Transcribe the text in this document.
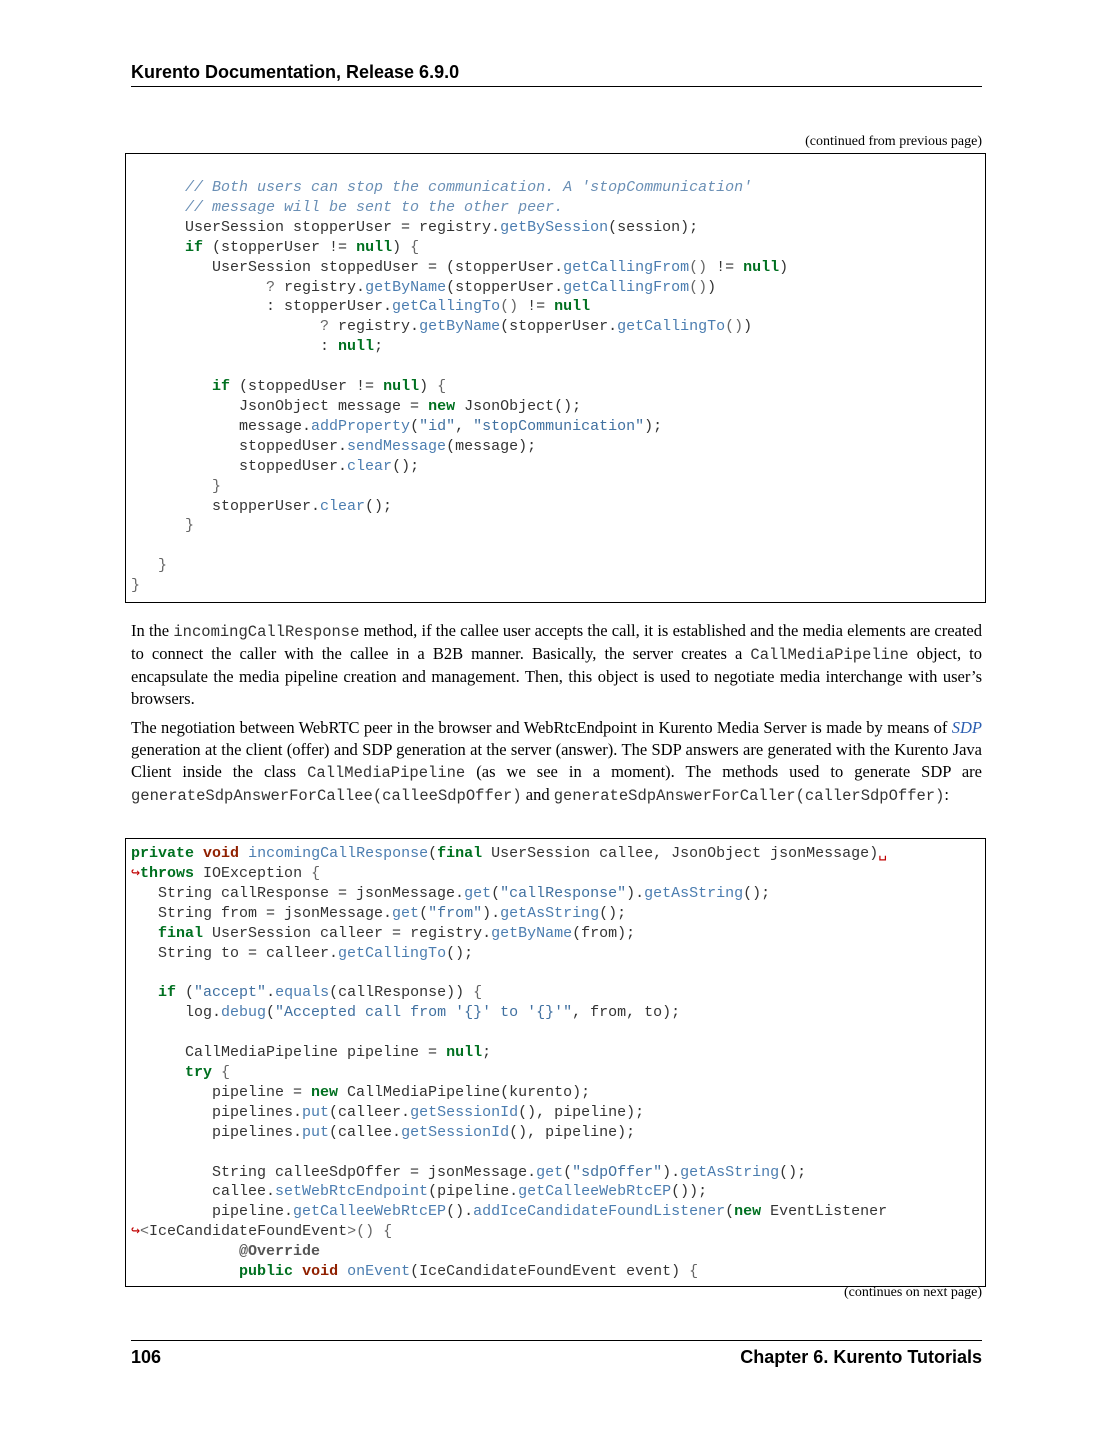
Kurento Documentation, Release 6.9.0
(continued from previous page)
// Both users can stop the communication. A 'stopCommunication'
// message will be sent to the other peer.
UserSession stopperUser = registry.getBySession(session);
if (stopperUser != null) {
UserSession stoppedUser = (stopperUser.getCallingFrom() != null)
? registry.getByName(stopperUser.getCallingFrom())
: stopperUser.getCallingTo() != null
? registry.getByName(stopperUser.getCallingTo())
: null;

if (stoppedUser != null) {
JsonObject message = new JsonObject();
message.addProperty("id", "stopCommunication");
stoppedUser.sendMessage(message);
stoppedUser.clear();
}
stopperUser.clear();
}

}
}

In the incomingCallResponse method, if the callee user accepts the call, it is established and the media elements are created to connect the caller with the callee in a B2B manner. Basically, the server creates a CallMediaPipeline object, to encapsulate the media pipeline creation and management. Then, this object is used to negotiate media interchange with user’s browsers.

The negotiation between WebRTC peer in the browser and WebRtcEndpoint in Kurento Media Server is made by means of SDP generation at the client (offer) and SDP generation at the server (answer). The SDP answers are generated with the Kurento Java Client inside the class CallMediaPipeline (as we see in a moment). The methods used to generate SDP are generateSdpAnswerForCallee(calleeSdpOffer) and generateSdpAnswerForCaller(callerSdpOffer):

private void incomingCallResponse(final UserSession callee, JsonObject jsonMessage)␣
↪throws IOException {
String callResponse = jsonMessage.get("callResponse").getAsString();
String from = jsonMessage.get("from").getAsString();
final UserSession calleer = registry.getByName(from);
String to = calleer.getCallingTo();

if ("accept".equals(callResponse)) {
log.debug("Accepted call from '{}' to '{}'", from, to);

CallMediaPipeline pipeline = null;
try {
pipeline = new CallMediaPipeline(kurento);
pipelines.put(calleer.getSessionId(), pipeline);
pipelines.put(callee.getSessionId(), pipeline);

String calleeSdpOffer = jsonMessage.get("sdpOffer").getAsString();
callee.setWebRtcEndpoint(pipeline.getCalleeWebRtcEP());
pipeline.getCalleeWebRtcEP().addIceCandidateFoundListener(new EventListener
↪<IceCandidateFoundEvent>() {
@Override
public void onEvent(IceCandidateFoundEvent event) {
(continues on next page)
106	Chapter 6. Kurento Tutorials
